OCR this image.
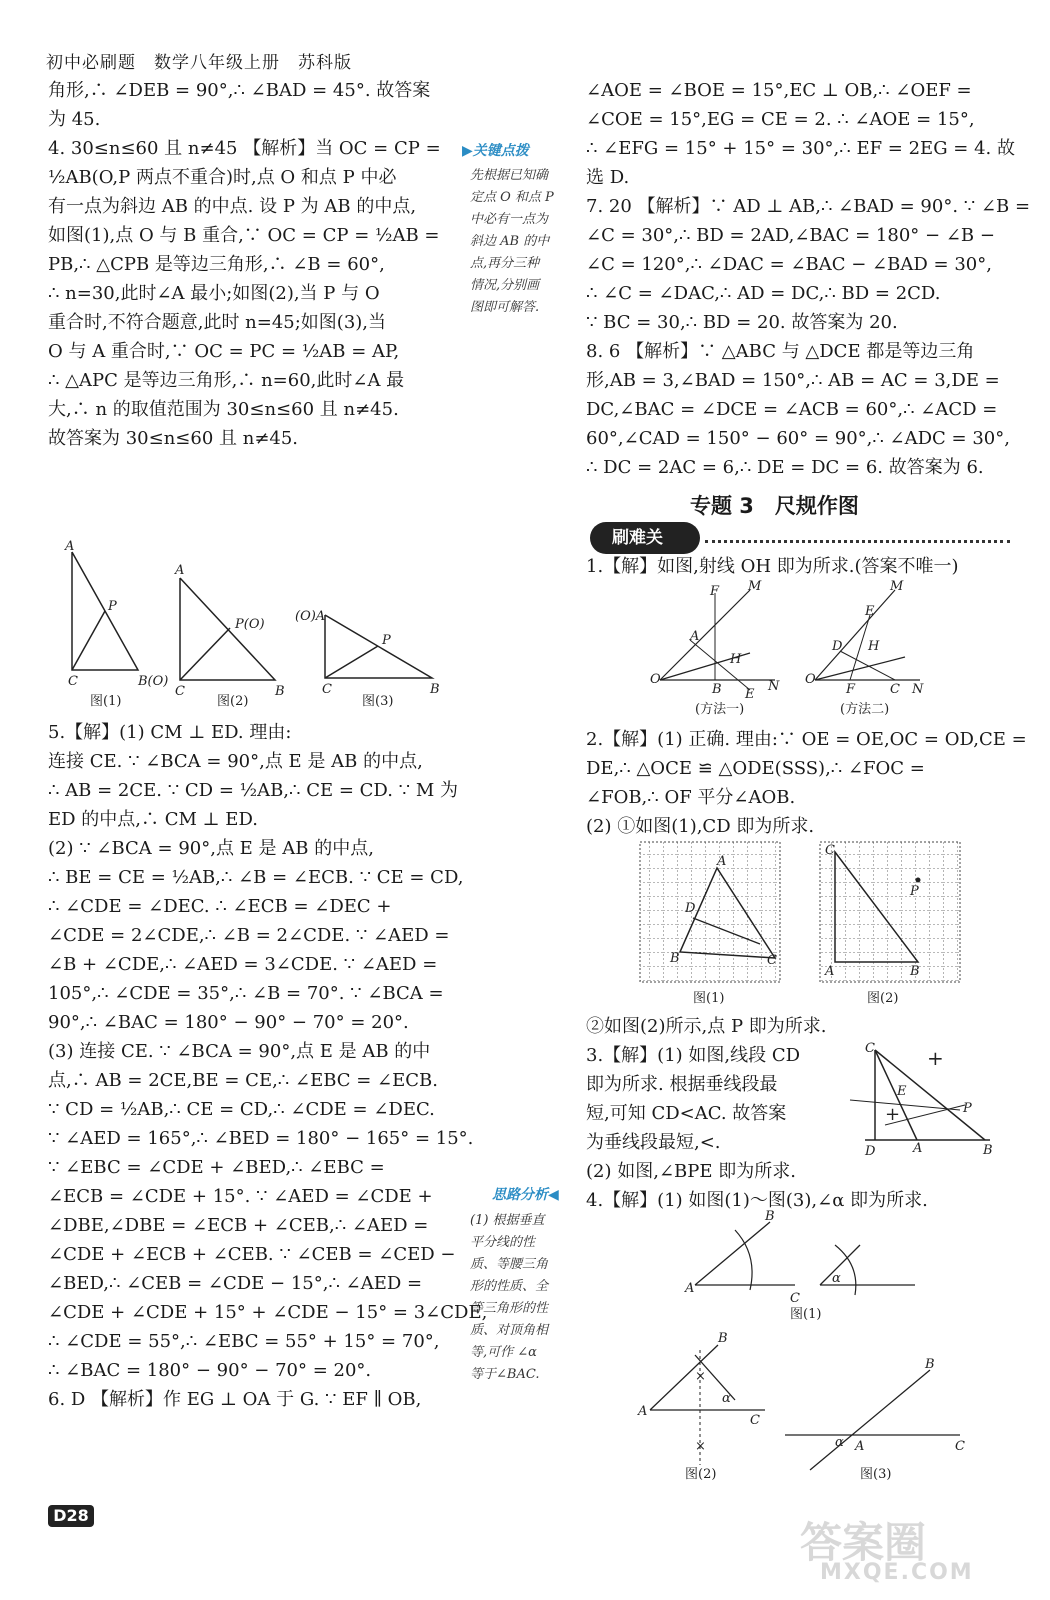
初中必刷题　数学八年级上册　苏科版

角形,∴ ∠DEB = 90°,∴ ∠BAD = 45°. 故答案

为 45.

4. 30≤n≤60 且 n≠45 【解析】当 OC = CP =

½AB(O,P 两点不重合)时,点 O 和点 P 中必

有一点为斜边 AB 的中点. 设 P 为 AB 的中点,

如图(1),点 O 与 B 重合,∵ OC = CP = ½AB =

PB,∴ △CPB 是等边三角形,∴ ∠B = 60°,

∴ n=30,此时∠A 最小;如图(2),当 P 与 O

重合时,不符合题意,此时 n=45;如图(3),当

O 与 A 重合时,∵ OC = PC = ½AB = AP,

∴ △APC 是等边三角形,∴ n=60,此时∠A 最

大,∴ n 的取值范围为 30≤n≤60 且 n≠45.

故答案为 30≤n≤60 且 n≠45.

▶关键点拨

先根据已知确

定点 O 和点 P

中必有一点为

斜边 AB 的中

点,再分三种

情况,分别画

图即可解答.

A
P
C	B(O)
图(1)
A
P(O)
C	B
图(2)
(O)A
P
C	B
图(3)

5.【解】(1) CM ⊥ ED. 理由:

连接 CE. ∵ ∠BCA = 90°,点 E 是 AB 的中点,

∴ AB = 2CE. ∵ CD = ½AB,∴ CE = CD. ∵ M 为

ED 的中点,∴ CM ⊥ ED.

(2) ∵ ∠BCA = 90°,点 E 是 AB 的中点,

∴ BE = CE = ½AB,∴ ∠B = ∠ECB. ∵ CE = CD,

∴ ∠CDE = ∠DEC. ∴ ∠ECB = ∠DEC +

∠CDE = 2∠CDE,∴ ∠B = 2∠CDE. ∵ ∠AED =

∠B + ∠CDE,∴ ∠AED = 3∠CDE. ∵ ∠AED =

105°,∴ ∠CDE = 35°,∴ ∠B = 70°. ∵ ∠BCA =

90°,∴ ∠BAC = 180° − 90° − 70° = 20°.

(3) 连接 CE. ∵ ∠BCA = 90°,点 E 是 AB 的中

点,∴ AB = 2CE,BE = CE,∴ ∠EBC = ∠ECB.

∵ CD = ½AB,∴ CE = CD,∴ ∠CDE = ∠DEC.

∵ ∠AED = 165°,∴ ∠BED = 180° − 165° = 15°.

∵ ∠EBC = ∠CDE + ∠BED,∴ ∠EBC =

∠ECB = ∠CDE + 15°. ∵ ∠AED = ∠CDE +

∠DBE,∠DBE = ∠ECB + ∠CEB,∴ ∠AED =

∠CDE + ∠ECB + ∠CEB. ∵ ∠CEB = ∠CED −

∠BED,∴ ∠CEB = ∠CDE − 15°,∴ ∠AED =

∠CDE + ∠CDE + 15° + ∠CDE − 15° = 3∠CDE,

∴ ∠CDE = 55°,∴ ∠EBC = 55° + 15° = 70°,

∴ ∠BAC = 180° − 90° − 70° = 20°.

6. D 【解析】作 EG ⊥ OA 于 G. ∵ EF ∥ OB,

思路分析◀

(1) 根据垂直

平分线的性

质、等腰三角

形的性质、全

等三角形的性

质、对顶角相

等,可作 ∠α

等于∠BAC.

∠AOE = ∠BOE = 15°,EC ⊥ OB,∴ ∠OEF =

∠COE = 15°,EG = CE = 2. ∴ ∠AOE = 15°,

∴ ∠EFG = 15° + 15° = 30°,∴ EF = 2EG = 4. 故

选 D.

7. 20 【解析】∵ AD ⊥ AB,∴ ∠BAD = 90°. ∵ ∠B =

∠C = 30°,∴ BD = 2AD,∠BAC = 180° − ∠B −

∠C = 120°,∴ ∠DAC = ∠BAC − ∠BAD = 30°,

∴ ∠C = ∠DAC,∴ AD = DC,∴ BD = 2CD.

∵ BC = 30,∴ BD = 20. 故答案为 20.

8. 6 【解析】∵ △ABC 与 △DCE 都是等边三角

形,AB = 3,∠BAD = 150°,∴ AB = AC = 3,DE =

DC,∠BAC = ∠DCE = ∠ACB = 60°,∴ ∠ACD =

60°,∠CAD = 150° − 60° = 90°,∴ ∠ADC = 30°,

∴ DC = 2AC = 6,∴ DE = DC = 6. 故答案为 6.

专题 3　尺规作图
刷难关

1.【解】如图,射线 OH 即为所求.(答案不唯一)

O
A
F M
H
B E
N
(方法一)
O
D
E
M
H
F	C N
(方法二)

2.【解】(1) 正确. 理由:∵ OE = OE,OC = OD,CE =

DE,∴ △OCE ≌ △ODE(SSS),∴ ∠FOC =

∠FOB,∴ OF 平分∠AOB.

(2) ①如图(1),CD 即为所求.

A
D
B	C
图(1)
C
P
A	B
图(2)

②如图(2)所示,点 P 即为所求.

3.【解】(1) 如图,线段 CD

即为所求. 根据垂线段最

短,可知 CD<AC. 故答案

为垂线段最短,<.

(2) 如图,∠BPE 即为所求.

4.【解】(1) 如图(1)～图(3),∠α 即为所求.

C
E
P
D	A	B
+
+
A
B
C
α
图(1)
A
B
C
α
×
×
图(2)
A
B
C
α
图(3)
D28
答案圈
MXQE.COM
